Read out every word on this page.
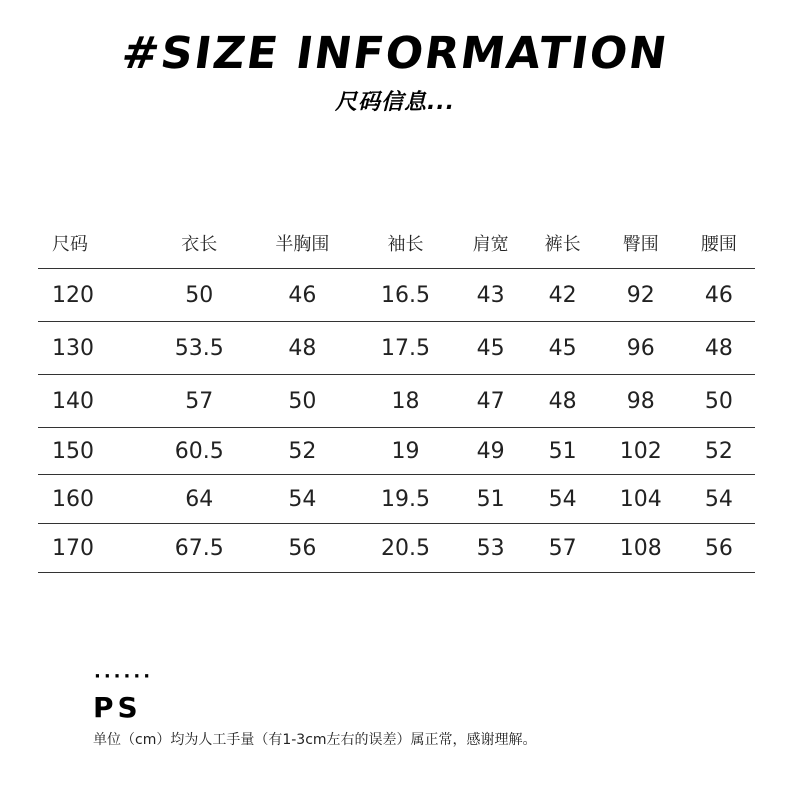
#SIZE INFORMATION
尺码信息...
尺码	衣长	半胸围	袖长	肩宽	裤长	臀围	腰围
120	50	46	16.5	43	42	92	46
130	53.5	48	17.5	45	45	96	48
140	57	50	18	47	48	98	50
150	60.5	52	19	49	51	102	52
160	64	54	19.5	51	54	104	54
170	67.5	56	20.5	53	57	108	56
······
PS
单位（cm）均为人工手量（有1-3cm左右的误差）属正常，感谢理解。
